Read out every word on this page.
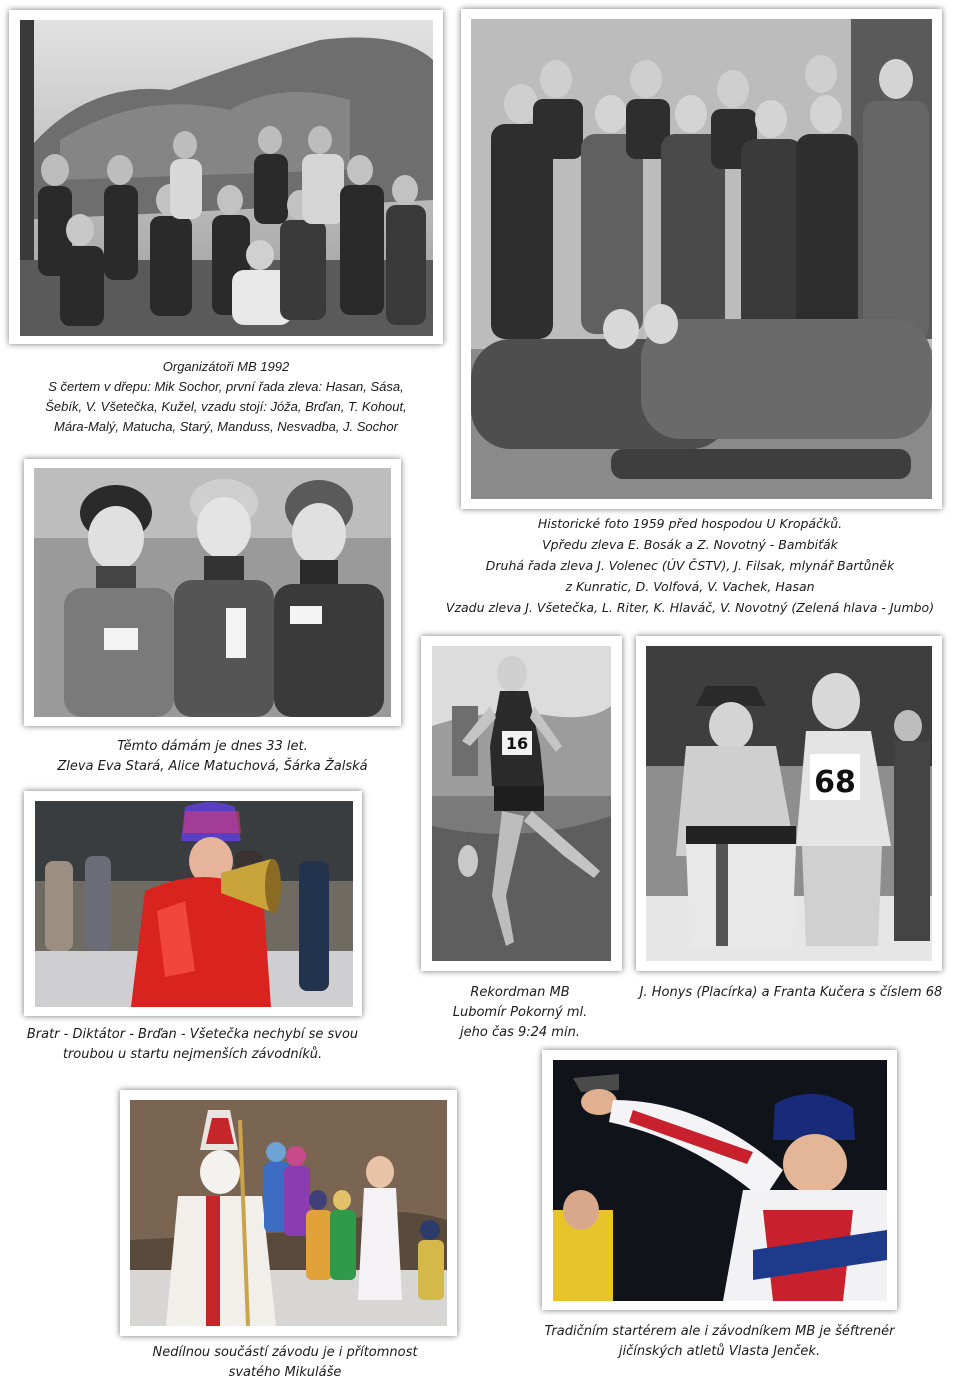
Organizátoři MB 1992
S čertem v dřepu: Mik Sochor, první řada zleva: Hasan, Sása,
Šebík, V. Všetečka, Kužel, vzadu stojí: Jóža, Brďan, T. Kohout,
Mára-Malý, Matucha, Starý, Manduss, Nesvadba, J. Sochor
Historické foto 1959 před hospodou U Kropáčků.
Vpředu zleva E. Bosák a Z. Novotný - Bambiťák
Druhá řada zleva J. Volenec (ÚV ČSTV), J. Filsak, mlynář Bartůněk
z Kunratic, D. Volfová, V. Vachek, Hasan
Vzadu zleva J. Všetečka, L. Riter, K. Hlaváč, V. Novotný (Zelená hlava - Jumbo)
Těmto dámám je dnes 33 let.
Zleva Eva Stará, Alice Matuchová, Šárka Žalská
16
Rekordman MB
Lubomír Pokorný ml.
jeho čas 9:24 min.
68
J. Honys (Placírka) a Franta Kučera s číslem 68
Bratr - Diktátor - Brďan - Všetečka nechybí se svou
troubou u startu nejmenších závodníků.
Nedílnou součástí závodu je i přítomnost
svatého Mikuláše
Tradičním startérem ale i závodníkem MB je šéftrenér
jičínských atletů Vlasta Jenček.
